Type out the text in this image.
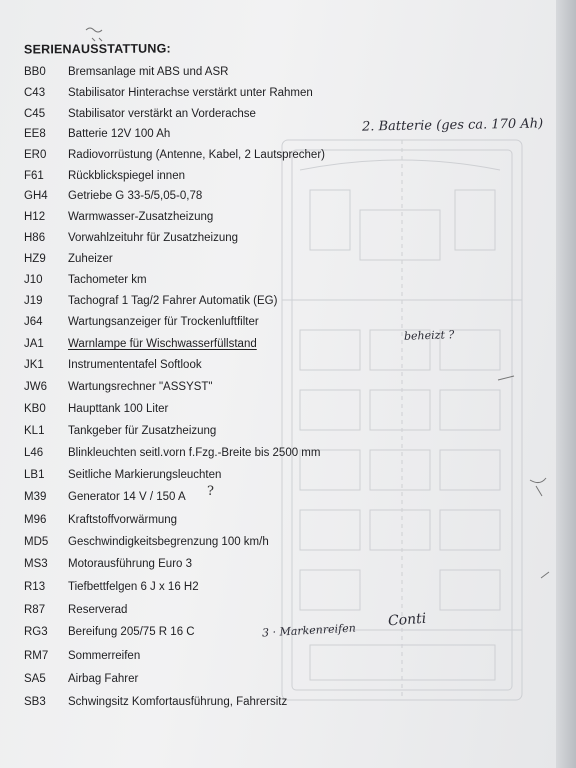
SERIENAUSSTATTUNG:
BB0 Bremsanlage mit ABS und ASR
C43 Stabilisator Hinterachse verstärkt unter Rahmen
C45 Stabilisator verstärkt an Vorderachse
EE8 Batterie 12V 100 Ah
ER0 Radiovorrüstung (Antenne, Kabel, 2 Lautsprecher)
F61 Rückblickspiegel innen
GH4 Getriebe G 33-5/5,05-0,78
H12 Warmwasser-Zusatzheizung
H86 Vorwahlzeituhr für Zusatzheizung
HZ9 Zuheizer
J10 Tachometer km
J19 Tachograf 1 Tag/2 Fahrer Automatik (EG)
J64 Wartungsanzeiger für Trockenluftfilter
JA1 Warnlampe für Wischwasserfüllstand
JK1 Instrumententafel Softlook
JW6 Wartungsrechner "ASSYST"
KB0 Haupttank 100 Liter
KL1 Tankgeber für Zusatzheizung
L46 Blinkleuchten seitl.vorn f.Fzg.-Breite bis 2500 mm
LB1 Seitliche Markierungsleuchten
M39 Generator 14 V / 150 A
M96 Kraftstoffvorwärmung
MD5 Geschwindigkeitsbegrenzung 100 km/h
MS3 Motorausführung Euro 3
R13 Tiefbettfelgen 6 J x 16 H2
R87 Reserverad
RG3 Bereifung 205/75 R 16 C
RM7 Sommerreifen
SA5 Airbag Fahrer
SB3 Schwingsitz Komfortausführung, Fahrersitz
2. Batterie (ges ca. 170 Ah)
beheizt ?
3 · Markenreifen
Conti
?
